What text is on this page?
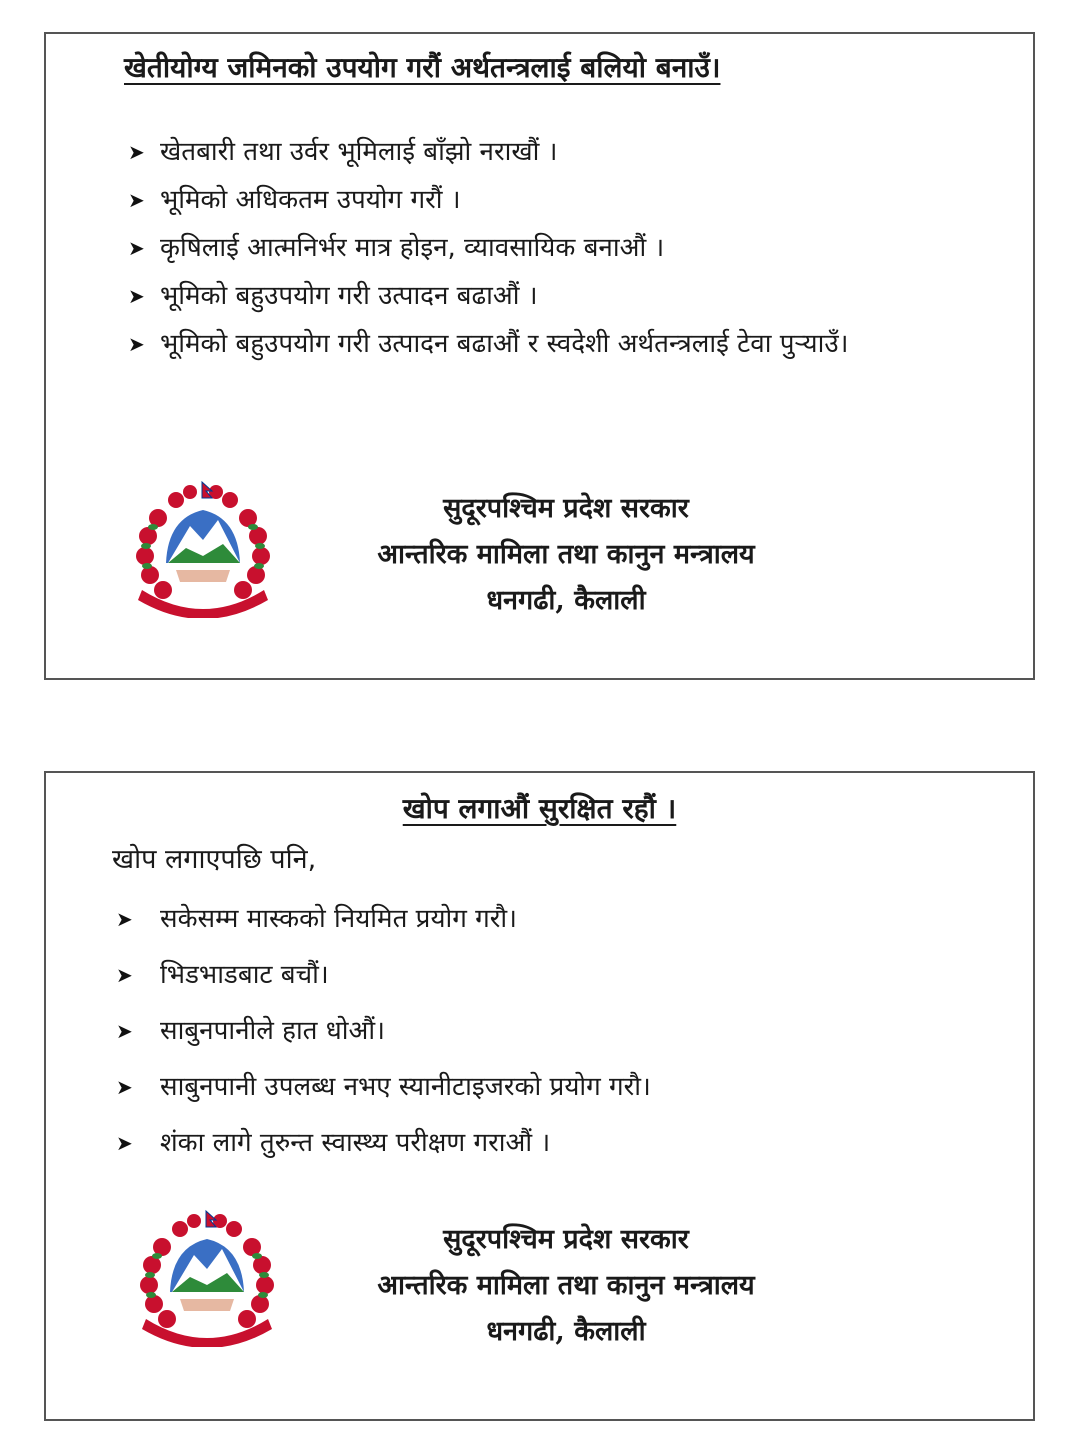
खेतीयोग्य जमिनको उपयोग गरौं अर्थतन्त्रलाई बलियो बनाउँ।
➤ खेतबारी तथा उर्वर भूमिलाई बाँझो नराखौं ।
➤ भूमिको अधिकतम उपयोग गरौं ।
➤ कृषिलाई आत्मनिर्भर मात्र होइन, व्यावसायिक बनाऔं ।
➤ भूमिको बहुउपयोग गरी उत्पादन बढाऔं ।
➤ भूमिको बहुउपयोग गरी उत्पादन बढाऔं र स्वदेशी अर्थतन्त्रलाई टेवा पुऱ्याउँ।
सुदूरपश्चिम प्रदेश सरकार
आन्तरिक मामिला तथा कानुन मन्त्रालय
धनगढी, कैलाली
खोप लगाऔं सुरक्षित रहौं ।

खोप लगाएपछि पनि,

➤ सकेसम्म मास्कको नियमित प्रयोग गरौ।
➤ भिडभाडबाट बचौं।
➤ साबुनपानीले हात धोऔं।
➤ साबुनपानी उपलब्ध नभए स्यानीटाइजरको प्रयोग गरौ।
➤ शंका लागे तुरुन्त स्वास्थ्य परीक्षण गराऔं ।
सुदूरपश्चिम प्रदेश सरकार
आन्तरिक मामिला तथा कानुन मन्त्रालय
धनगढी, कैलाली
